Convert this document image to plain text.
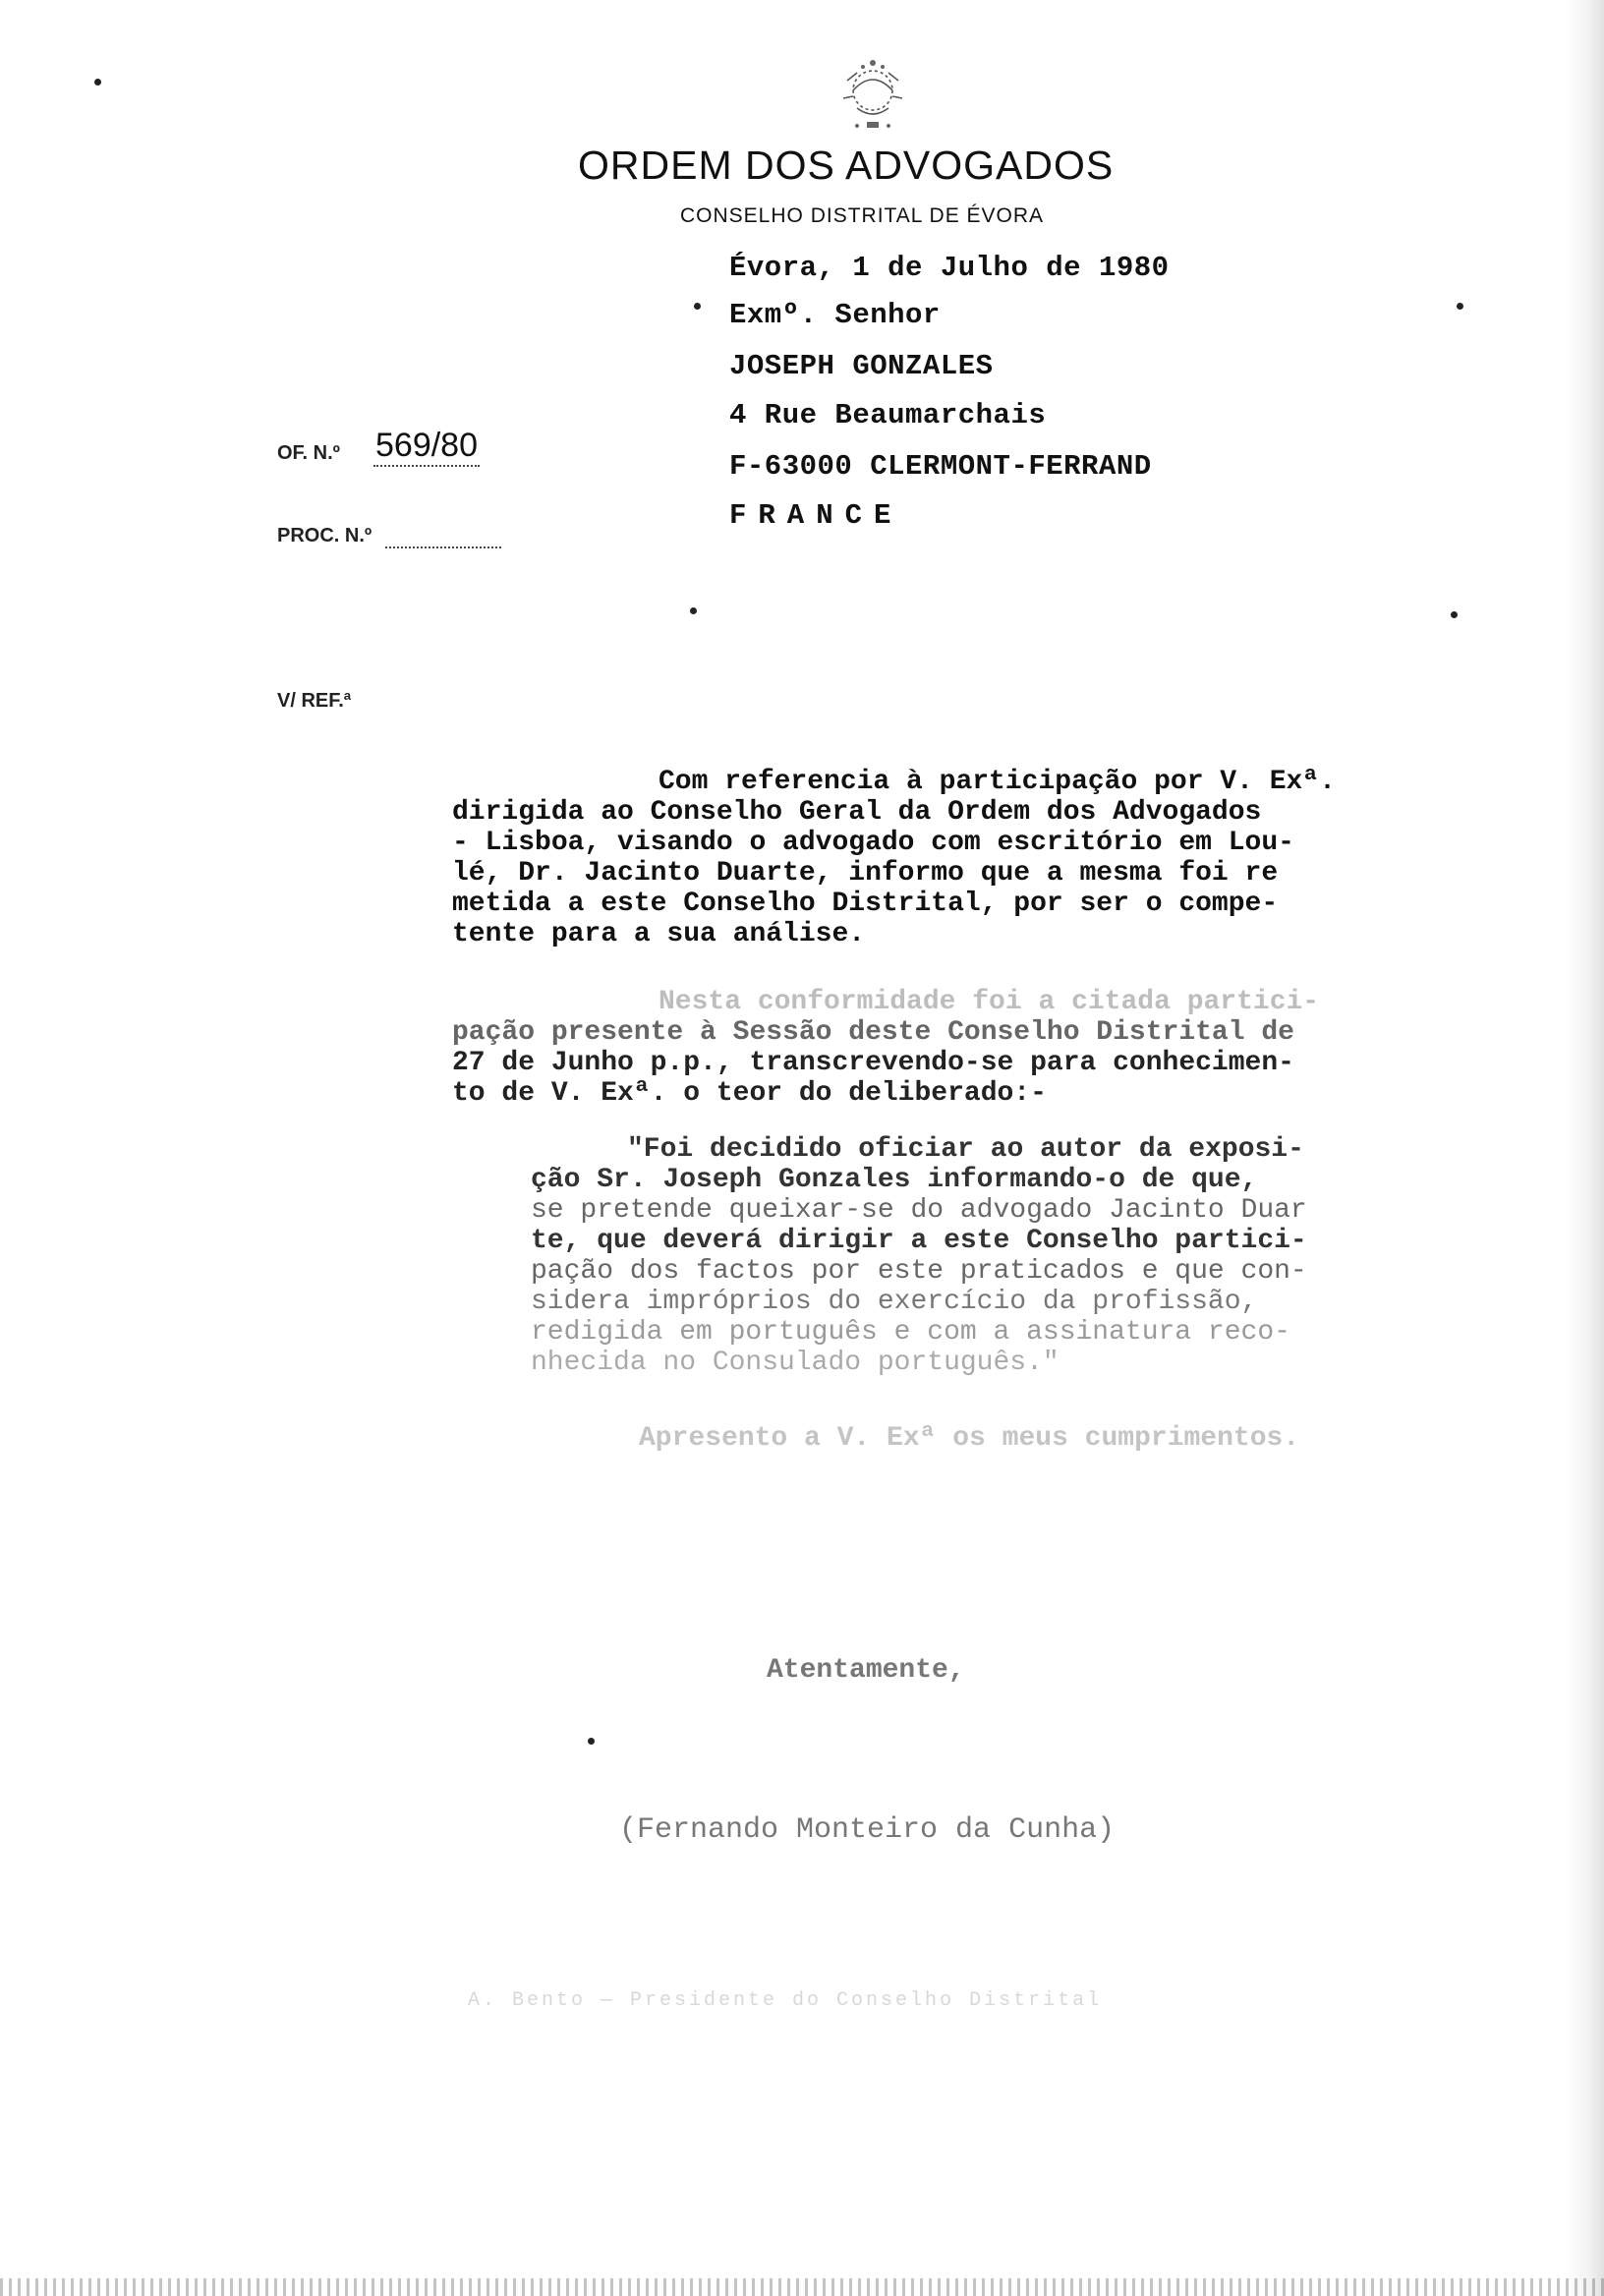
ORDEM DOS ADVOGADOS
CONSELHO DISTRITAL DE ÉVORA
OF. N.º 569/80
PROC. N.º
V/ REF.ª
Évora, 1 de Julho de 1980
Exmº. Senhor
JOSEPH GONZALES
4 Rue Beaumarchais
F-63000 CLERMONT-FERRAND
FRANCE
Com referencia à participação por V. Exª.
dirigida ao Conselho Geral da Ordem dos Advogados
- Lisboa, visando o advogado com escritório em Lou-
lé, Dr. Jacinto Duarte, informo que a mesma foi re
metida a este Conselho Distrital, por ser o compe-
tente para a sua análise.
Nesta conformidade foi a citada partici-
pação presente à Sessão deste Conselho Distrital de
27 de Junho p.p., transcrevendo-se para conhecimen-
to de V. Exª. o teor do deliberado:-
"Foi decidido oficiar ao autor da exposi-
ção Sr. Joseph Gonzales informando-o de que,
se pretende queixar-se do advogado Jacinto Duar
te, que deverá dirigir a este Conselho partici-
pação dos factos por este praticados e que con-
sidera impróprios do exercício da profissão,
redigida em português e com a assinatura reco-
nhecida no Consulado português."
Apresento a V. Exª os meus cumprimentos.
Atentamente,
(Fernando Monteiro da Cunha)
A. Bento — Presidente do Conselho Distrital
